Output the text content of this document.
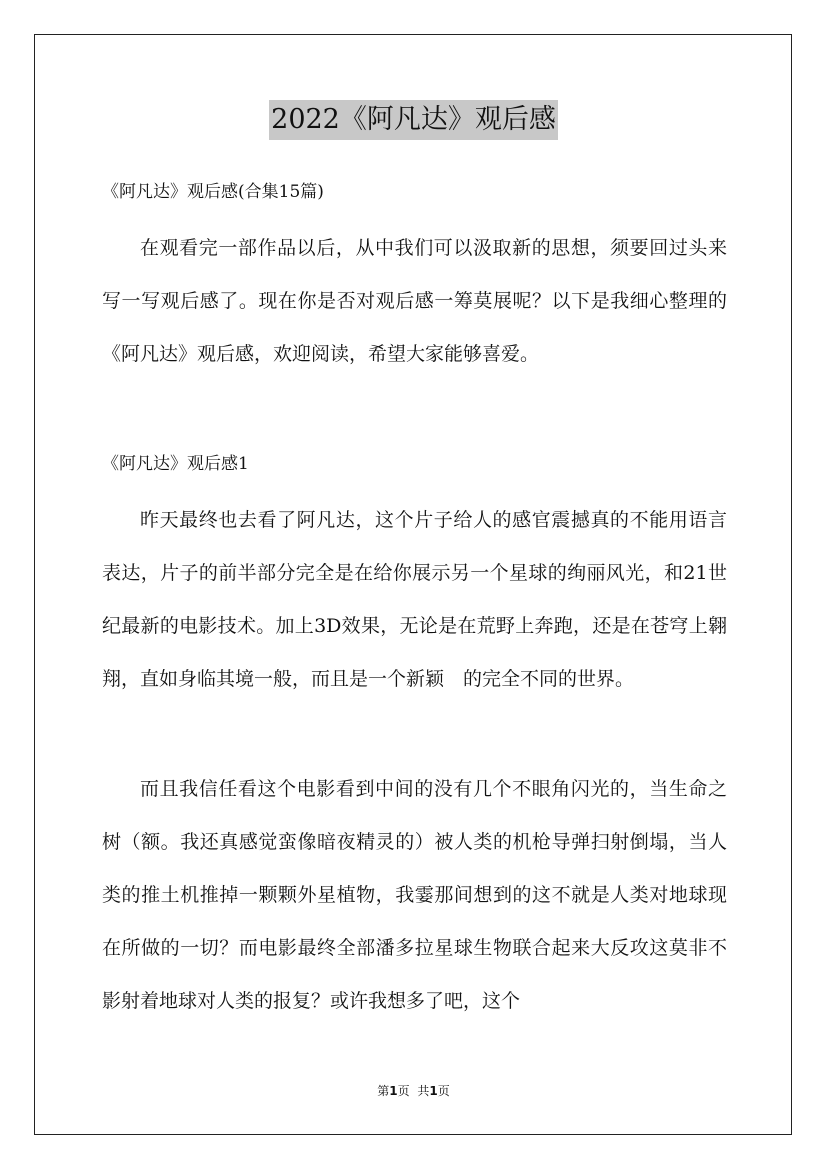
2022《阿凡达》观后感
《阿凡达》观后感(合集15篇)

在观看完一部作品以后，从中我们可以汲取新的思想，须要回过头来写一写观后感了。现在你是否对观后感一筹莫展呢？以下是我细心整理的《阿凡达》观后感，欢迎阅读，希望大家能够喜爱。

《阿凡达》观后感1

昨天最终也去看了阿凡达，这个片子给人的感官震撼真的不能用语言表达，片子的前半部分完全是在给你展示另一个星球的绚丽风光，和21世纪最新的电影技术。加上3D效果，无论是在荒野上奔跑，还是在苍穹上翱翔，直如身临其境一般，而且是一个新颖　的完全不同的世界。

而且我信任看这个电影看到中间的没有几个不眼角闪光的，当生命之树（额。我还真感觉蛮像暗夜精灵的）被人类的机枪导弹扫射倒塌，当人类的推土机推掉一颗颗外星植物，我霎那间想到的这不就是人类对地球现在所做的一切？而电影最终全部潘多拉星球生物联合起来大反攻这莫非不影射着地球对人类的报复？或许我想多了吧，这个

第1页 共1页
